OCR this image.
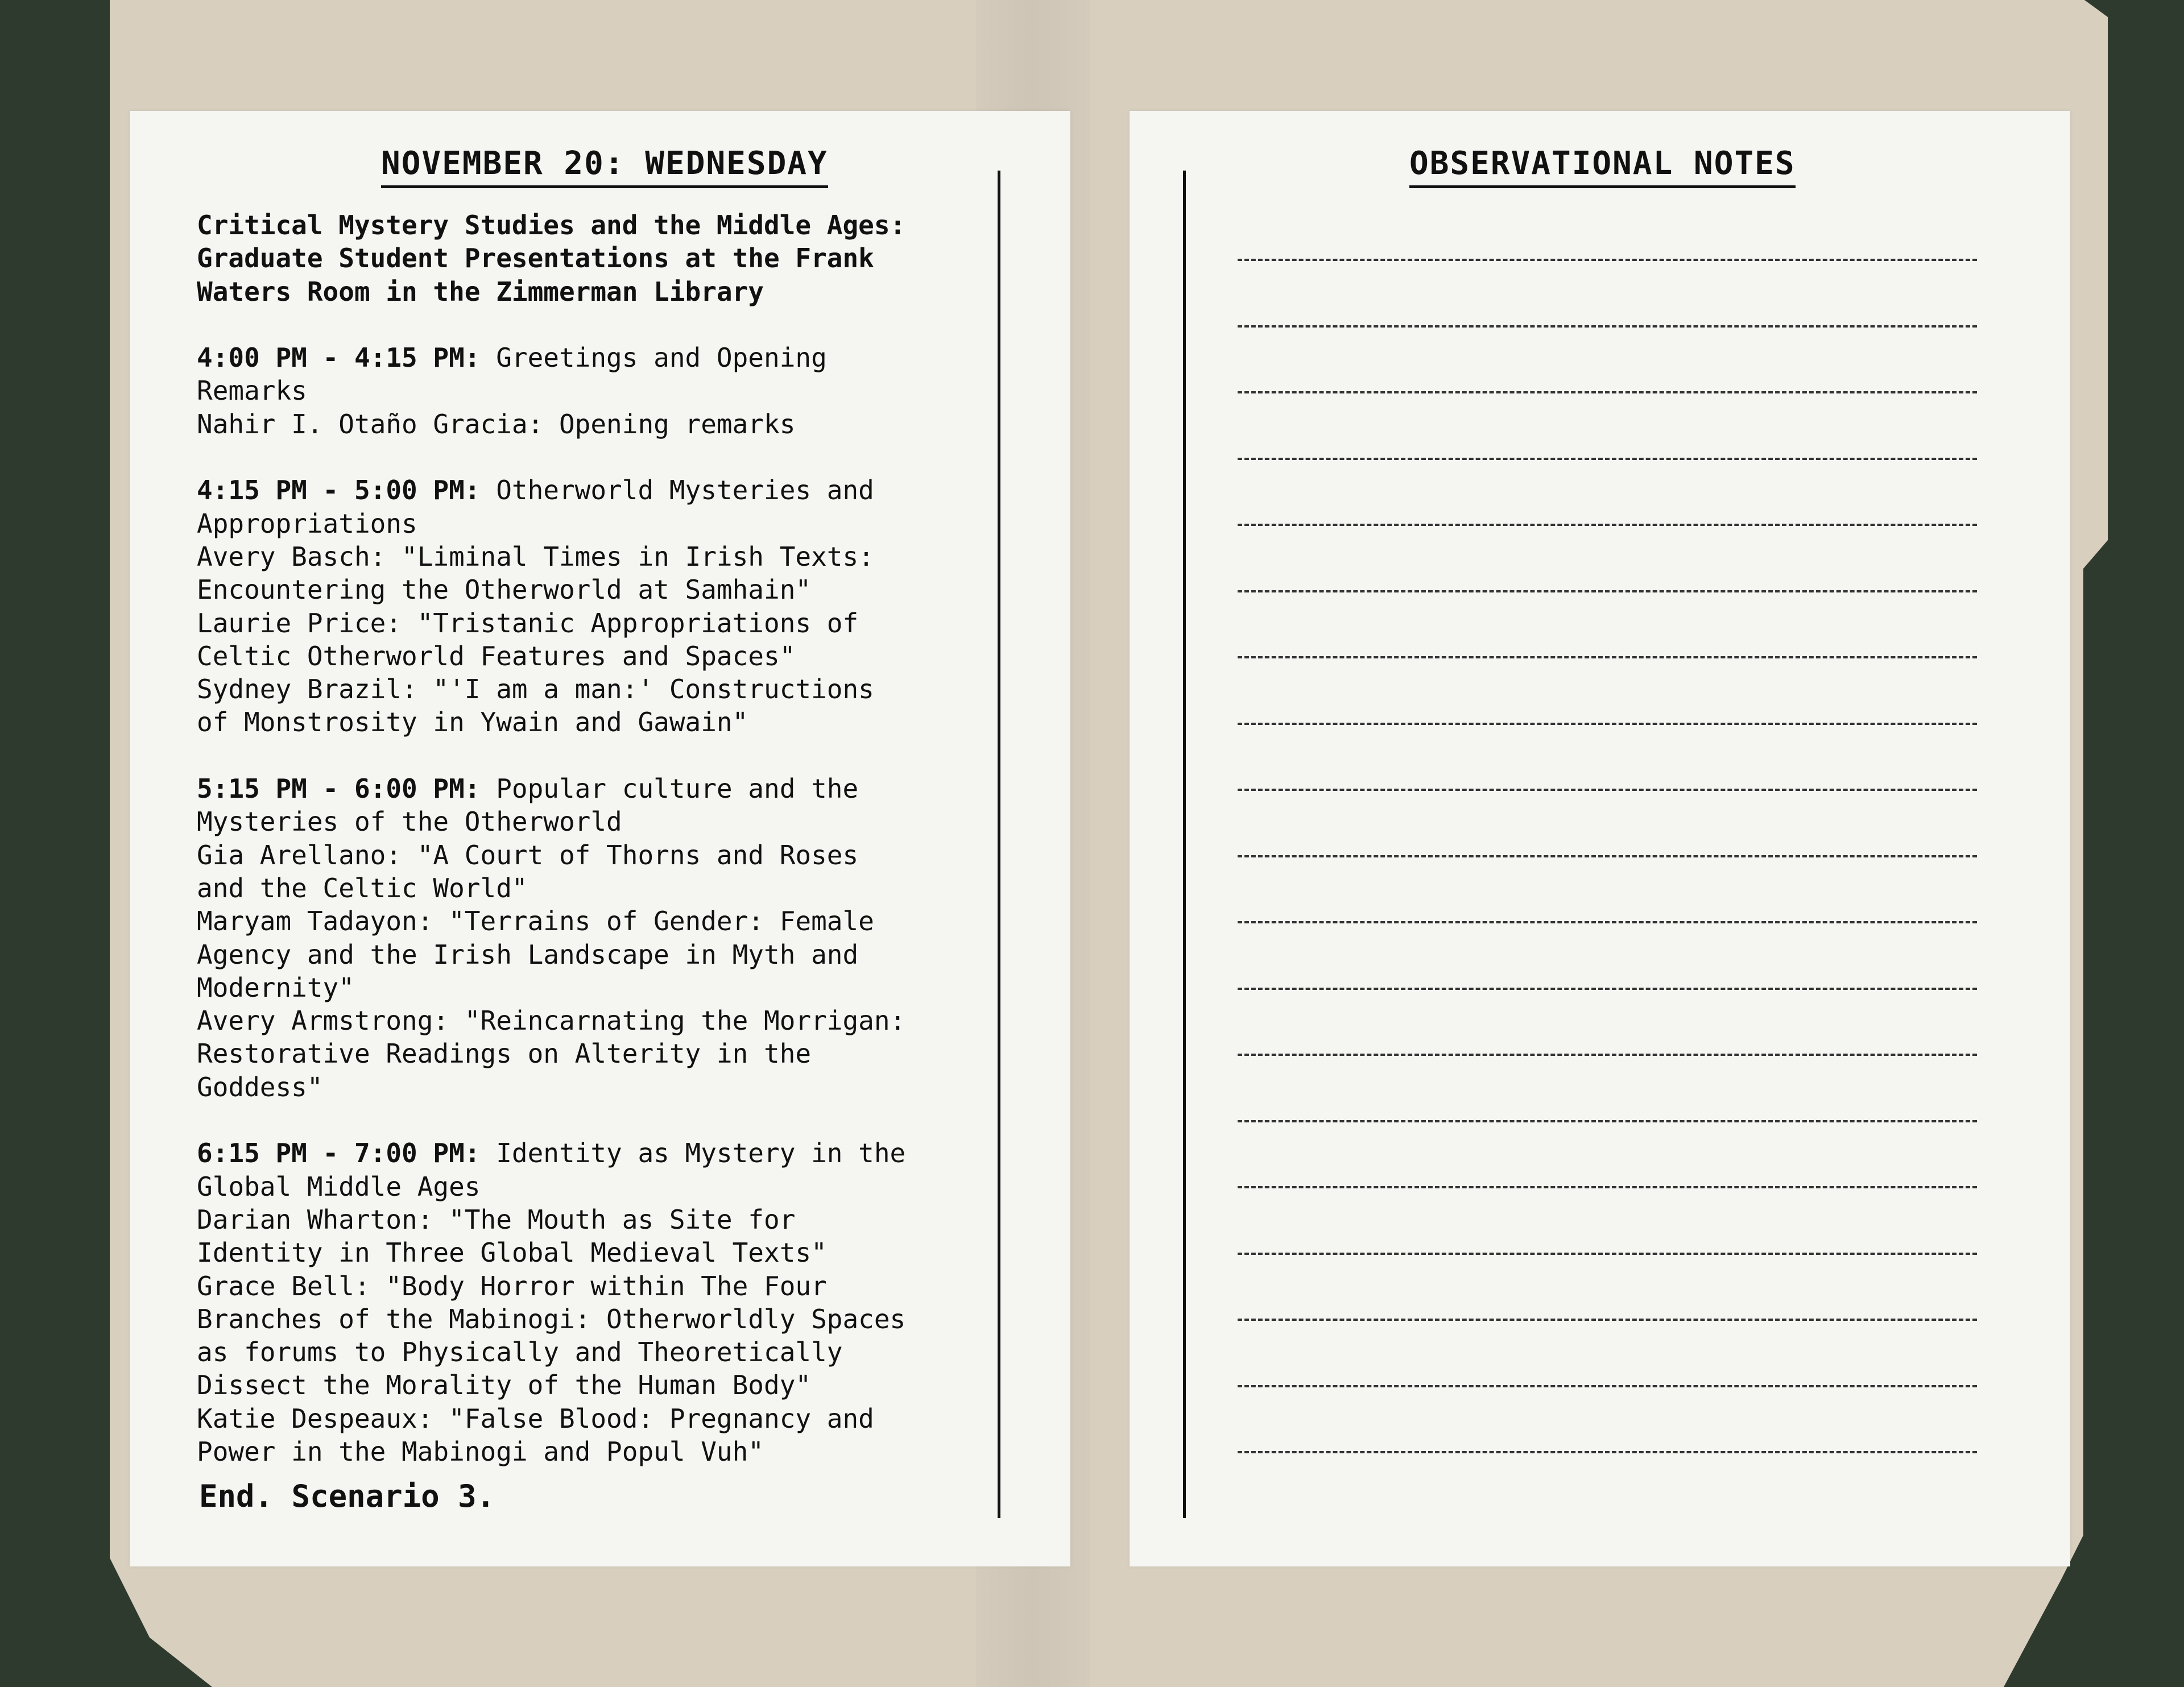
NOVEMBER 20: WEDNESDAY

Critical Mystery Studies and the Middle Ages:
Graduate Student Presentations at the Frank
Waters Room in the Zimmerman Library

4:00 PM - 4:15 PM: Greetings and Opening
Remarks
Nahir I. Otaño Gracia: Opening remarks

4:15 PM - 5:00 PM: Otherworld Mysteries and
Appropriations
Avery Basch: "Liminal Times in Irish Texts:
Encountering the Otherworld at Samhain"
Laurie Price: "Tristanic Appropriations of
Celtic Otherworld Features and Spaces"
Sydney Brazil: "'I am a man:' Constructions
of Monstrosity in Ywain and Gawain"

5:15 PM - 6:00 PM: Popular culture and the
Mysteries of the Otherworld
Gia Arellano: "A Court of Thorns and Roses
and the Celtic World"
Maryam Tadayon: "Terrains of Gender: Female
Agency and the Irish Landscape in Myth and
Modernity"
Avery Armstrong: "Reincarnating the Morrigan:
Restorative Readings on Alterity in the
Goddess"

6:15 PM - 7:00 PM: Identity as Mystery in the
Global Middle Ages
Darian Wharton: "The Mouth as Site for
Identity in Three Global Medieval Texts"
Grace Bell: "Body Horror within The Four
Branches of the Mabinogi: Otherworldly Spaces
as forums to Physically and Theoretically
Dissect the Morality of the Human Body"
Katie Despeaux: "False Blood: Pregnancy and
Power in the Mabinogi and Popul Vuh"

End. Scenario 3.
OBSERVATIONAL NOTES
